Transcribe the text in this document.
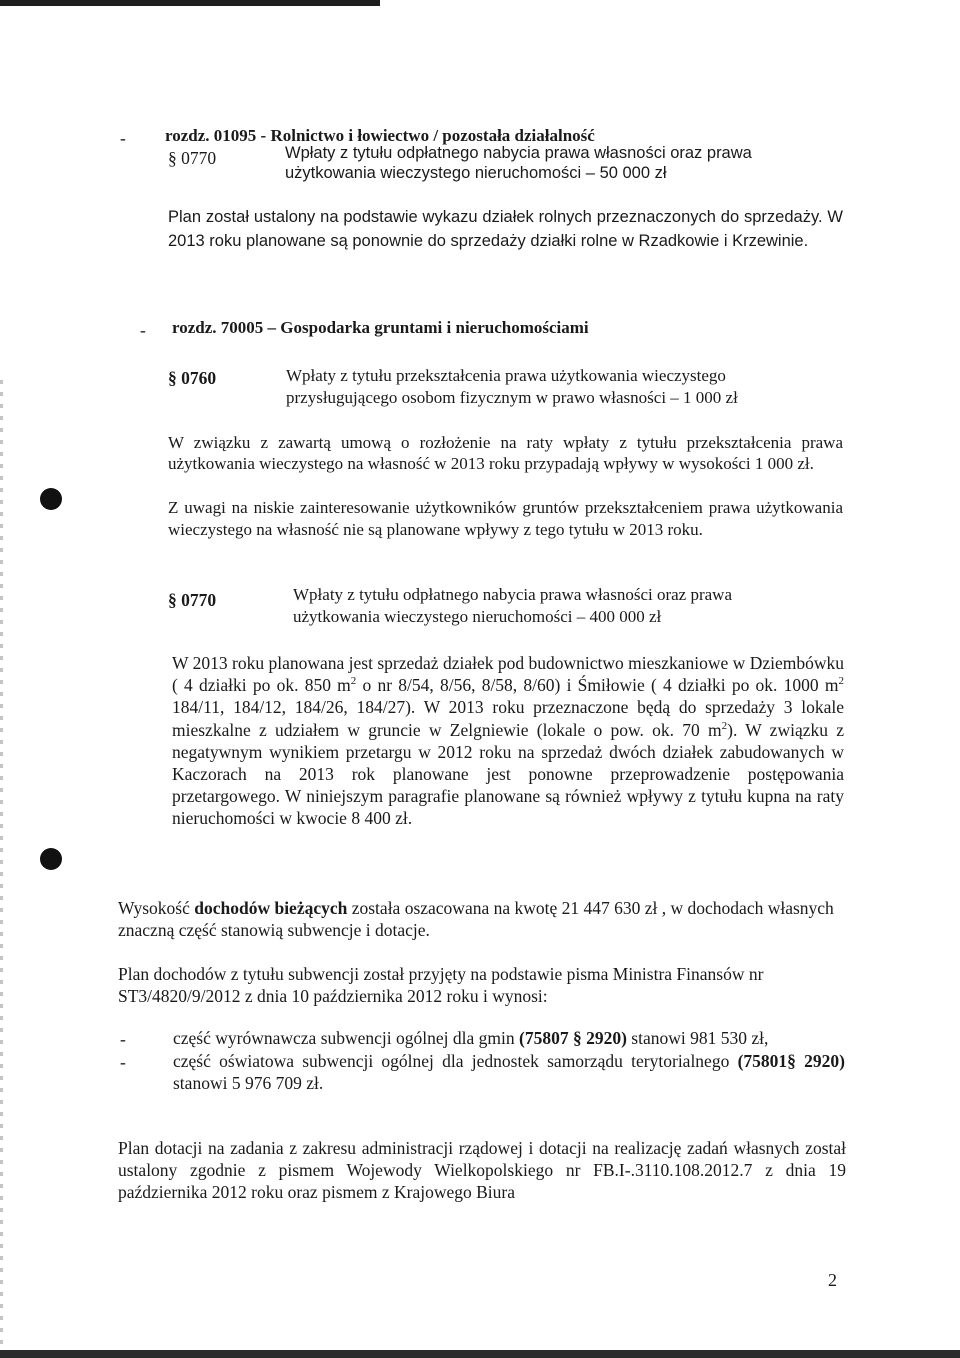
- rozdz. 01095 - Rolnictwo i łowiectwo / pozostała działalność
§ 0770	Wpłaty z tytułu odpłatnego nabycia prawa własności oraz prawa
użytkowania wieczystego nieruchomości – 50 000 zł
Plan został ustalony na podstawie wykazu działek rolnych przeznaczonych do sprzedaży. W 2013 roku planowane są ponownie do sprzedaży działki rolne w Rzadkowie i Krzewinie.
- rozdz. 70005 – Gospodarka gruntami i nieruchomościami
§ 0760	Wpłaty z tytułu przekształcenia prawa użytkowania wieczystego
przysługującego osobom fizycznym w prawo własności – 1 000 zł
W związku z zawartą umową o rozłożenie na raty wpłaty z tytułu przekształcenia prawa użytkowania wieczystego na własność w 2013 roku przypadają wpływy w wysokości 1 000 zł.
Z uwagi na niskie zainteresowanie użytkowników gruntów przekształceniem prawa użytkowania wieczystego na własność nie są planowane wpływy z tego tytułu w 2013 roku.
§ 0770	Wpłaty z tytułu odpłatnego nabycia prawa własności oraz prawa
użytkowania wieczystego nieruchomości – 400 000 zł
W 2013 roku planowana jest sprzedaż działek pod budownictwo mieszkaniowe w Dziembówku ( 4 działki po ok. 850 $m^2$ o nr 8/54, 8/56, 8/58, 8/60) i Śmiłowie ( 4 działki po ok. 1000 $m^2$ 184/11, 184/12, 184/26, 184/27). W 2013 roku przeznaczone będą do sprzedaży 3 lokale mieszkalne z udziałem w gruncie w Zelgniewie (lokale o pow. ok. 70 $m^2$). W związku z negatywnym wynikiem przetargu w 2012 roku na sprzedaż dwóch działek zabudowanych w Kaczorach na 2013 rok planowane jest ponowne przeprowadzenie postępowania przetargowego. W niniejszym paragrafie planowane są również wpływy z tytułu kupna na raty nieruchomości w kwocie 8 400 zł.
Wysokość dochodów bieżących została oszacowana na kwotę 21 447 630 zł , w dochodach własnych znaczną część stanowią subwencje i dotacje.
Plan dochodów z tytułu subwencji został przyjęty na podstawie pisma Ministra Finansów nr ST3/4820/9/2012 z dnia 10 października 2012 roku i wynosi:
-	część wyrównawcza subwencji ogólnej dla gmin (75807 § 2920) stanowi 981 530 zł,
-	część oświatowa subwencji ogólnej dla jednostek samorządu terytorialnego (75801§ 2920) stanowi 5 976 709 zł.
Plan dotacji na zadania z zakresu administracji rządowej i dotacji na realizację zadań własnych został ustalony zgodnie z pismem Wojewody Wielkopolskiego nr FB.I-.3110.108.2012.7 z dnia 19 października 2012 roku oraz pismem z Krajowego Biura
2
